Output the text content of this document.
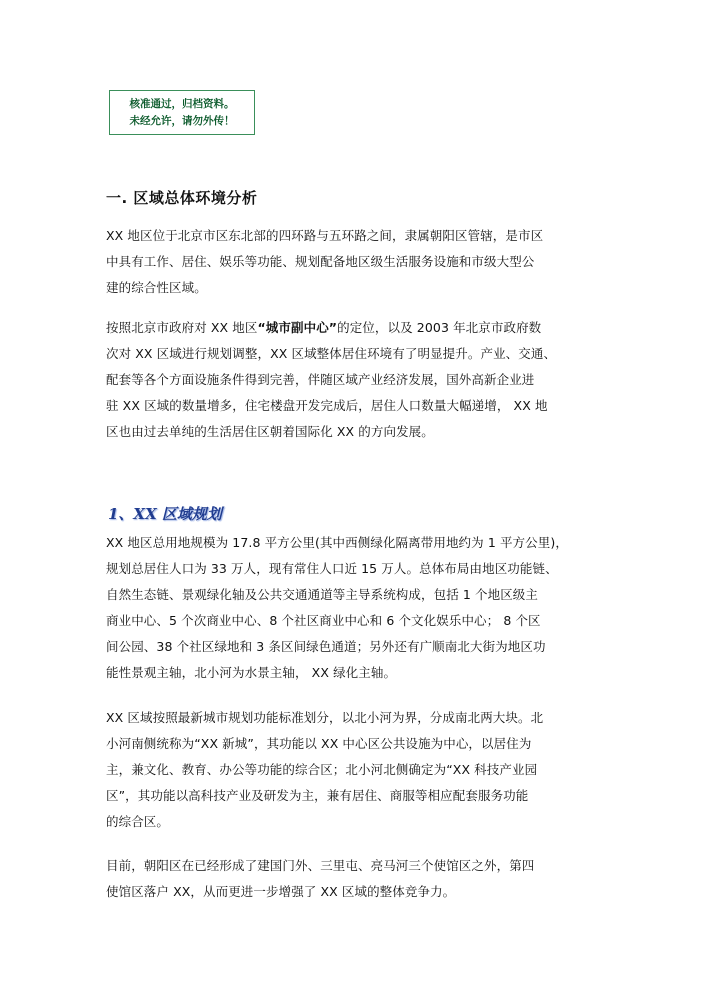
核准通过，归档资料。
未经允许，请勿外传！
一. 区域总体环境分析
XX 地区位于北京市区东北部的四环路与五环路之间，隶属朝阳区管辖，是市区
中具有工作、居住、娱乐等功能、规划配备地区级生活服务设施和市级大型公
建的综合性区域。
按照北京市政府对 XX 地区“城市副中心”的定位，以及 2003 年北京市政府数
次对 XX 区域进行规划调整，XX 区域整体居住环境有了明显提升。产业、交通、
配套等各个方面设施条件得到完善，伴随区域产业经济发展，国外高新企业进
驻 XX 区域的数量增多，住宅楼盘开发完成后，居住人口数量大幅递增， XX 地
区也由过去单纯的生活居住区朝着国际化 XX 的方向发展。
1、XX 区域规划
XX 地区总用地规模为 17.8 平方公里(其中西侧绿化隔离带用地约为 1 平方公里)，
规划总居住人口为 33 万人，现有常住人口近 15 万人。总体布局由地区功能链、
自然生态链、景观绿化轴及公共交通通道等主导系统构成，包括 1 个地区级主
商业中心、5 个次商业中心、8 个社区商业中心和 6 个文化娱乐中心； 8 个区
间公园、38 个社区绿地和 3 条区间绿色通道；另外还有广顺南北大街为地区功
能性景观主轴，北小河为水景主轴， XX 绿化主轴。
XX 区域按照最新城市规划功能标准划分，以北小河为界，分成南北两大块。北
小河南侧统称为“XX 新城”，其功能以 XX 中心区公共设施为中心，以居住为
主，兼文化、教育、办公等功能的综合区；北小河北侧确定为“XX 科技产业园
区”，其功能以高科技产业及研发为主，兼有居住、商服等相应配套服务功能
的综合区。
目前，朝阳区在已经形成了建国门外、三里屯、亮马河三个使馆区之外，第四
使馆区落户 XX，从而更进一步增强了 XX 区域的整体竞争力。
